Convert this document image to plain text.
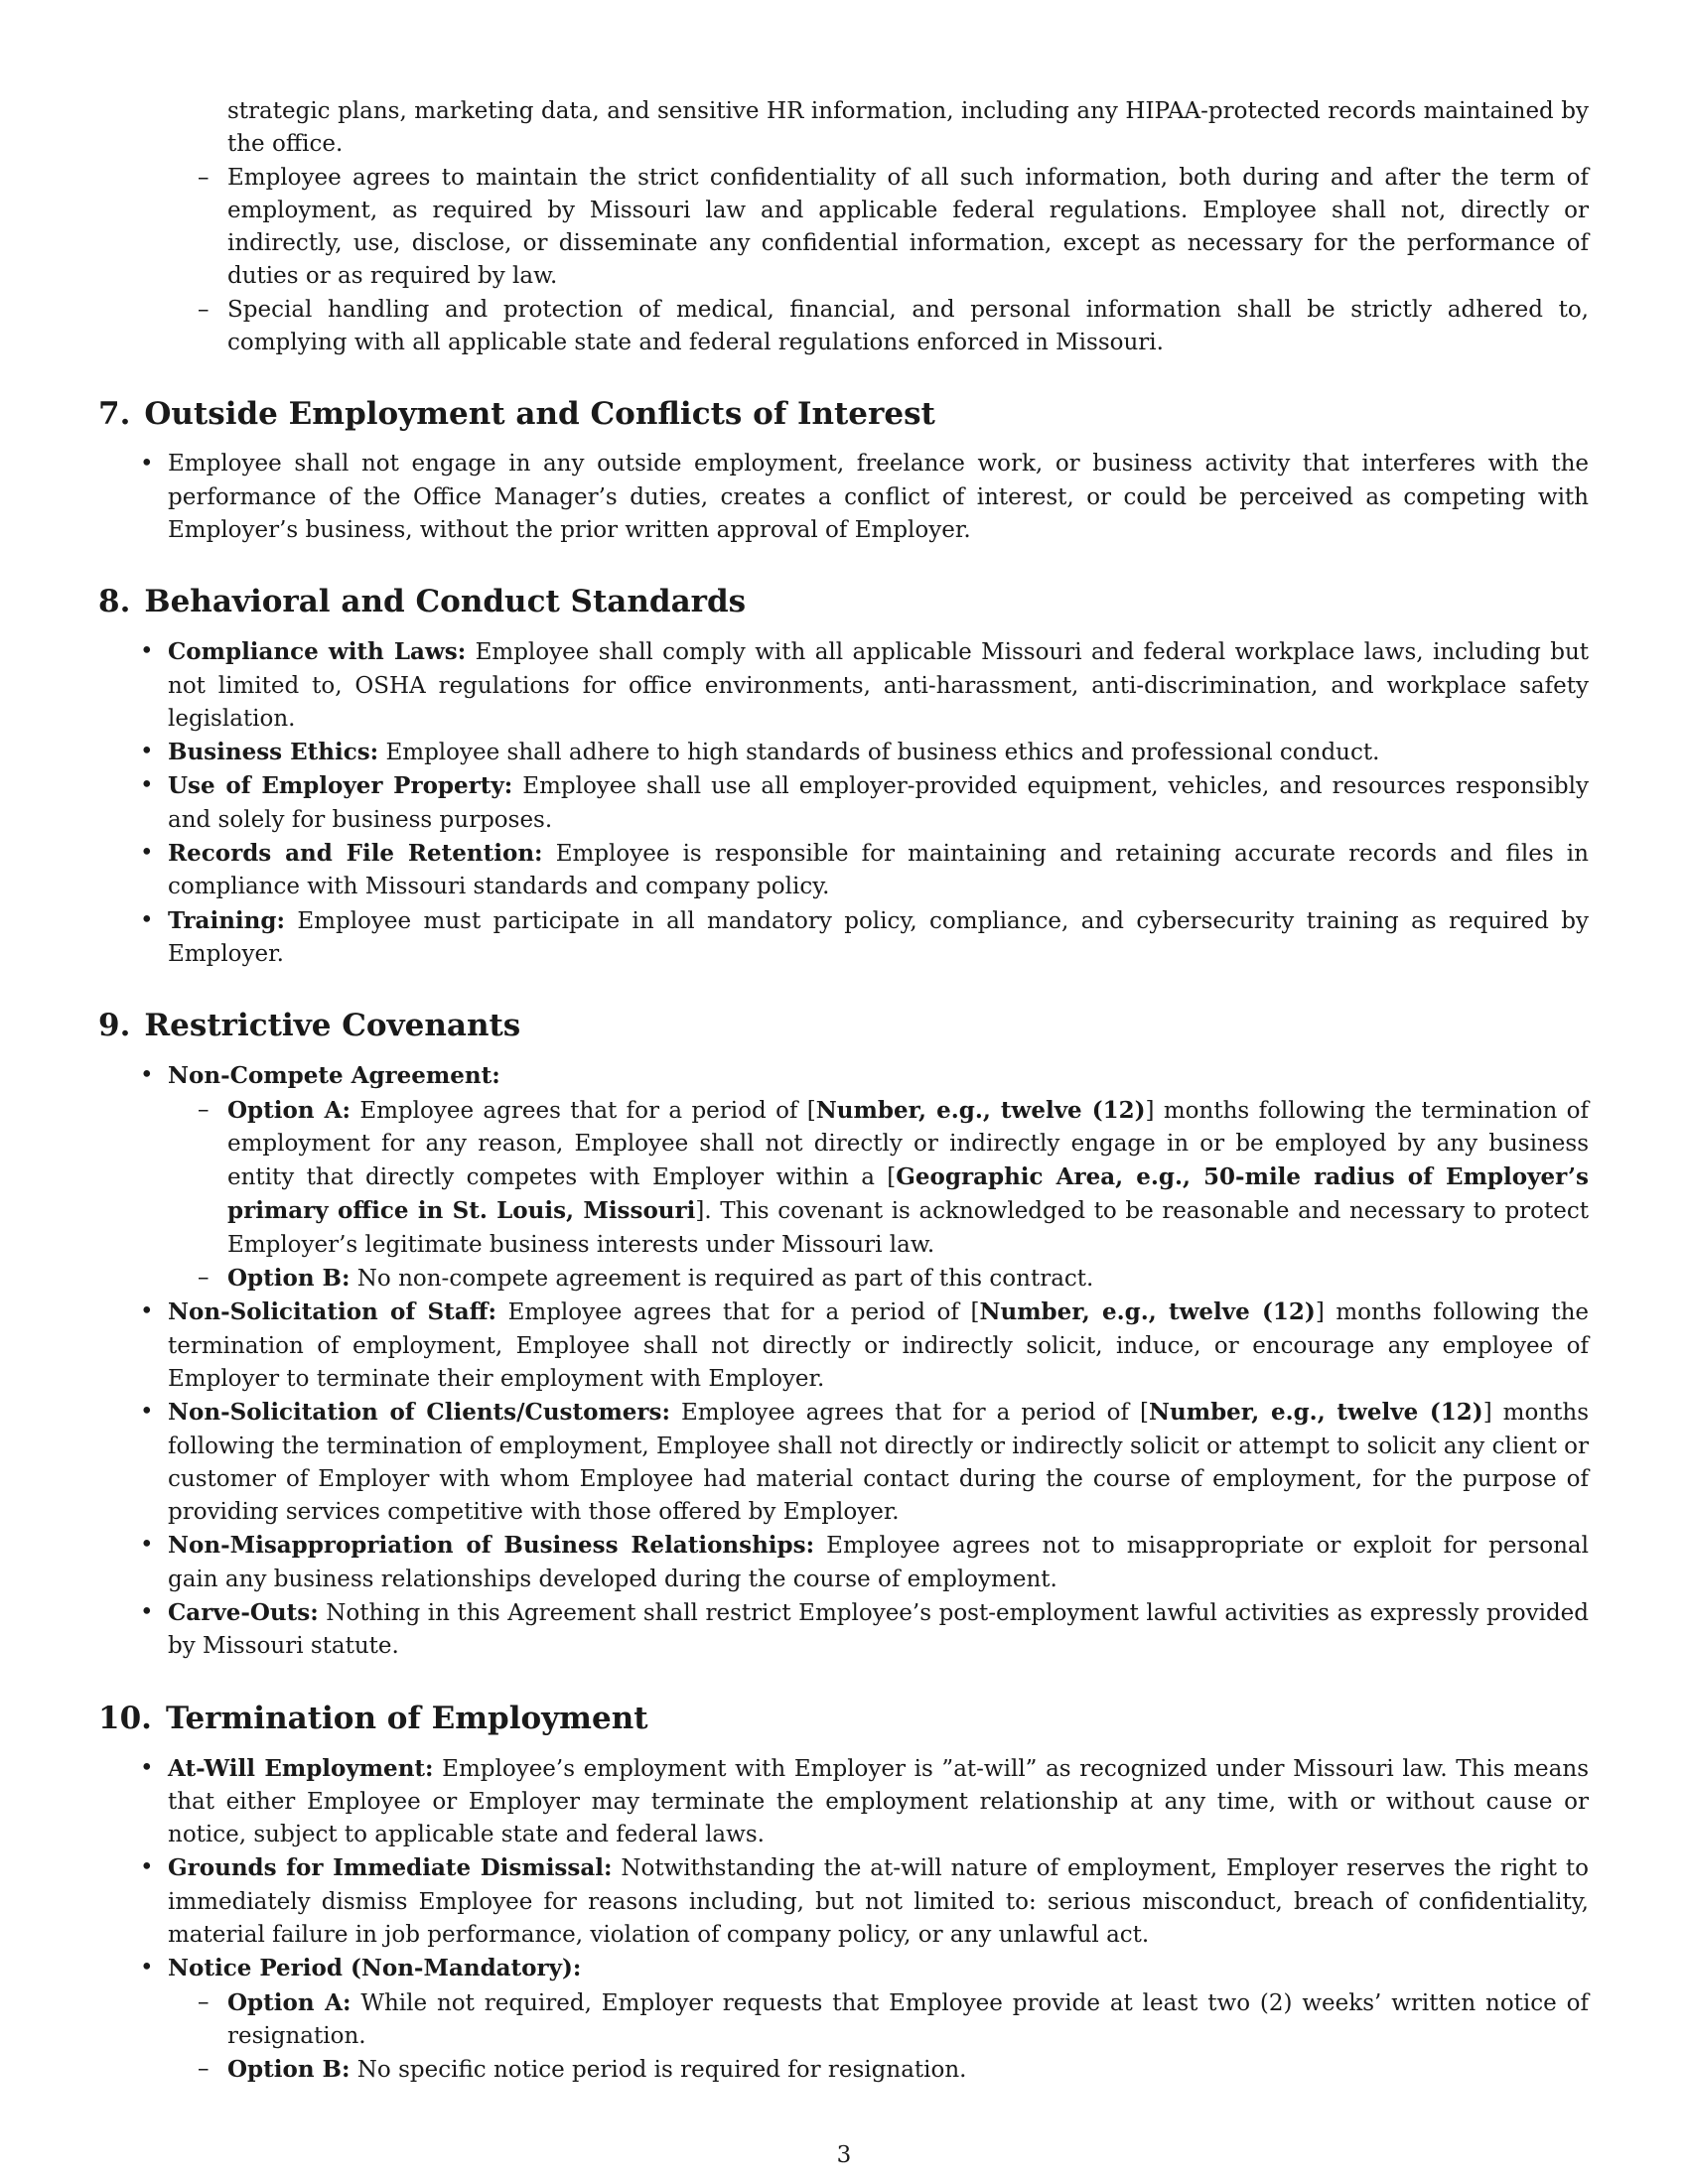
strategic plans, marketing data, and sensitive HR information, including any HIPAA-protected records maintained by the office.

– Employee agrees to maintain the strict confidentiality of all such information, both during and after the term of employment, as required by Missouri law and applicable federal regulations. Employee shall not, directly or indirectly, use, disclose, or disseminate any confidential information, except as necessary for the performance of duties or as required by law.

– Special handling and protection of medical, financial, and personal information shall be strictly adhered to, complying with all applicable state and federal regulations enforced in Missouri.

7. Outside Employment and Conflicts of Interest

• Employee shall not engage in any outside employment, freelance work, or business activity that interferes with the performance of the Office Manager’s duties, creates a conflict of interest, or could be perceived as competing with Employer’s business, without the prior written approval of Employer.

8. Behavioral and Conduct Standards

• Compliance with Laws: Employee shall comply with all applicable Missouri and federal workplace laws, including but not limited to, OSHA regulations for office environments, anti-harassment, anti-discrimination, and workplace safety legislation.

• Business Ethics: Employee shall adhere to high standards of business ethics and professional conduct.

• Use of Employer Property: Employee shall use all employer-provided equipment, vehicles, and resources responsibly and solely for business purposes.

• Records and File Retention: Employee is responsible for maintaining and retaining accurate records and files in compliance with Missouri standards and company policy.

• Training: Employee must participate in all mandatory policy, compliance, and cybersecurity training as required by Employer.

9. Restrictive Covenants

• Non-Compete Agreement:

– Option A: Employee agrees that for a period of [Number, e.g., twelve (12)] months following the termination of employment for any reason, Employee shall not directly or indirectly engage in or be employed by any business entity that directly competes with Employer within a [Geographic Area, e.g., 50-mile radius of Employer’s primary office in St. Louis, Missouri]. This covenant is acknowledged to be reasonable and necessary to protect Employer’s legitimate business interests under Missouri law.

– Option B: No non-compete agreement is required as part of this contract.

• Non-Solicitation of Staff: Employee agrees that for a period of [Number, e.g., twelve (12)] months following the termination of employment, Employee shall not directly or indirectly solicit, induce, or encourage any employee of Employer to terminate their employment with Employer.

• Non-Solicitation of Clients/Customers: Employee agrees that for a period of [Number, e.g., twelve (12)] months following the termination of employment, Employee shall not directly or indirectly solicit or attempt to solicit any client or customer of Employer with whom Employee had material contact during the course of employment, for the purpose of providing services competitive with those offered by Employer.

• Non-Misappropriation of Business Relationships: Employee agrees not to misappropriate or exploit for personal gain any business relationships developed during the course of employment.

• Carve-Outs: Nothing in this Agreement shall restrict Employee’s post-employment lawful activities as expressly provided by Missouri statute.

10. Termination of Employment

• At-Will Employment: Employee’s employment with Employer is ”at-will” as recognized under Missouri law. This means that either Employee or Employer may terminate the employment relationship at any time, with or without cause or notice, subject to applicable state and federal laws.

• Grounds for Immediate Dismissal: Notwithstanding the at-will nature of employment, Employer reserves the right to immediately dismiss Employee for reasons including, but not limited to: serious misconduct, breach of confidentiality, material failure in job performance, violation of company policy, or any unlawful act.

• Notice Period (Non-Mandatory):

– Option A: While not required, Employer requests that Employee provide at least two (2) weeks’ written notice of resignation.

– Option B: No specific notice period is required for resignation.

3
